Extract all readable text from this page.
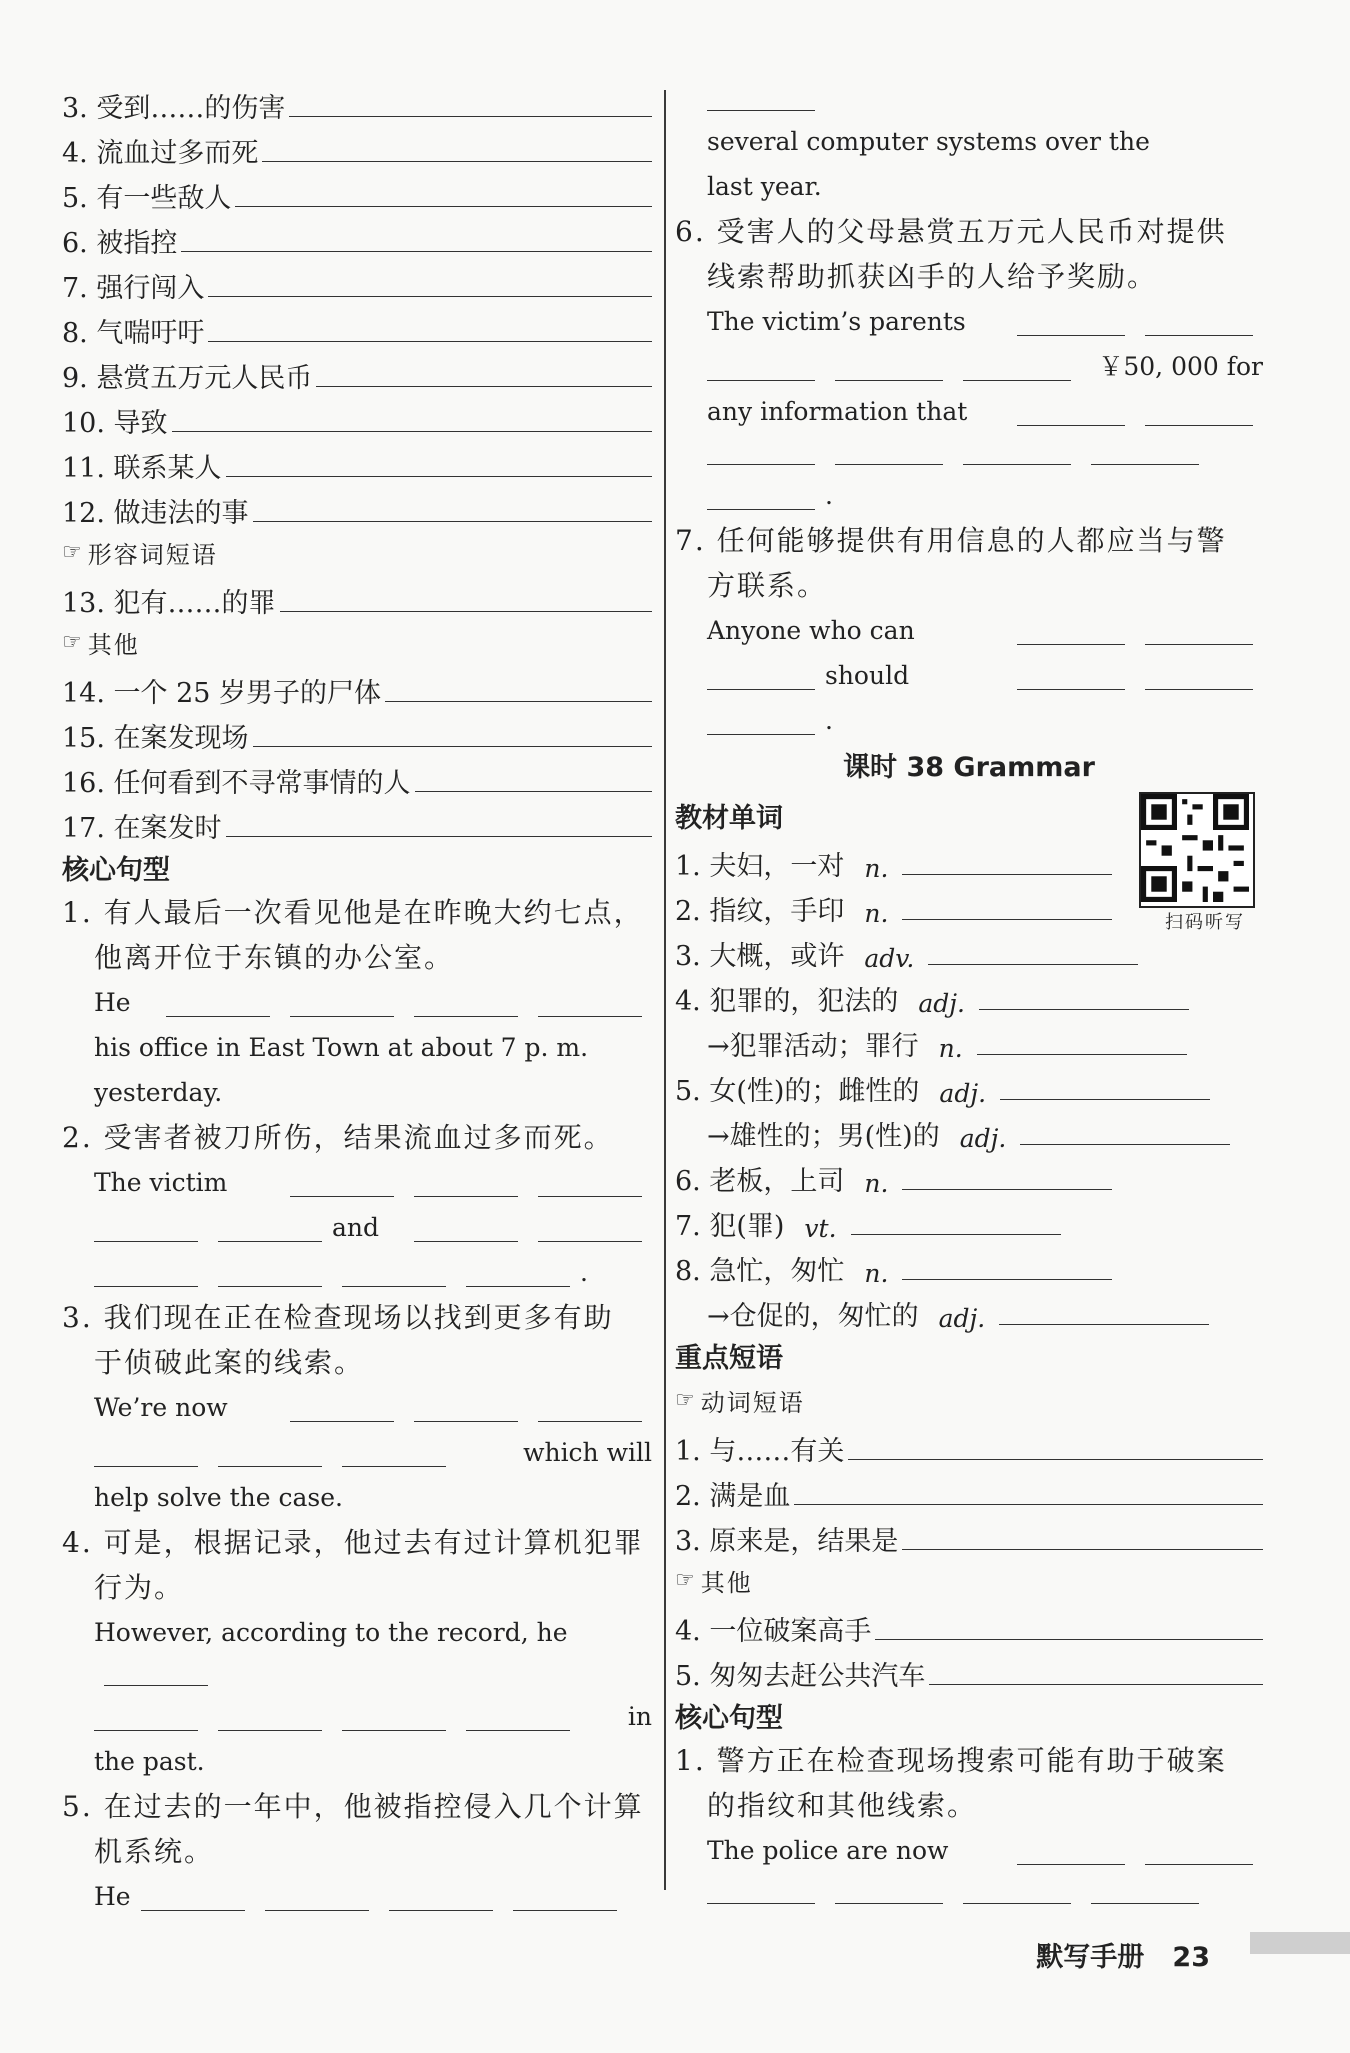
3. 受到……的伤害
4. 流血过多而死
5. 有一些敌人
6. 被指控
7. 强行闯入
8. 气喘吁吁
9. 悬赏五万元人民币
10. 导致
11. 联系某人
12. 做违法的事
☞ 形容词短语
13. 犯有……的罪
☞ 其他
14. 一个 25 岁男子的尸体
15. 在案发现场
16. 任何看到不寻常事情的人
17. 在案发时
核心句型
1. 有人最后一次看见他是在昨晚大约七点，
他离开位于东镇的办公室。
He
his office in East Town at about 7 p. m.
yesterday.
2. 受害者被刀所伤，结果流血过多而死。
The victim
and
.
3. 我们现在正在检查现场以找到更多有助
于侦破此案的线索。
We’re now
which will
help solve the case.
4. 可是，根据记录，他过去有过计算机犯罪
行为。
However, according to the record, he
in
the past.
5. 在过去的一年中，他被指控侵入几个计算
机系统。
He
several computer systems over the
last year.
6. 受害人的父母悬赏五万元人民币对提供
线索帮助抓获凶手的人给予奖励。
The victim’s parents
￥50, 000 for
any information that
.
7. 任何能够提供有用信息的人都应当与警
方联系。
Anyone who can
should
.
课时 38 Grammar
教材单词
1. 夫妇，一对 n.
2. 指纹，手印 n.
3. 大概，或许 adv.
4. 犯罪的，犯法的 adj.
→犯罪活动；罪行 n.
5. 女(性)的；雌性的 adj.
→雄性的；男(性)的 adj.
6. 老板，上司 n.
7. 犯(罪) vt.
8. 急忙，匆忙 n.
→仓促的，匆忙的 adj.
重点短语
☞ 动词短语
1. 与……有关
2. 满是血
3. 原来是，结果是
☞ 其他
4. 一位破案高手
5. 匆匆去赶公共汽车
核心句型
1. 警方正在检查现场搜索可能有助于破案
的指纹和其他线索。
The police are now
扫码听写
默写手册 23
